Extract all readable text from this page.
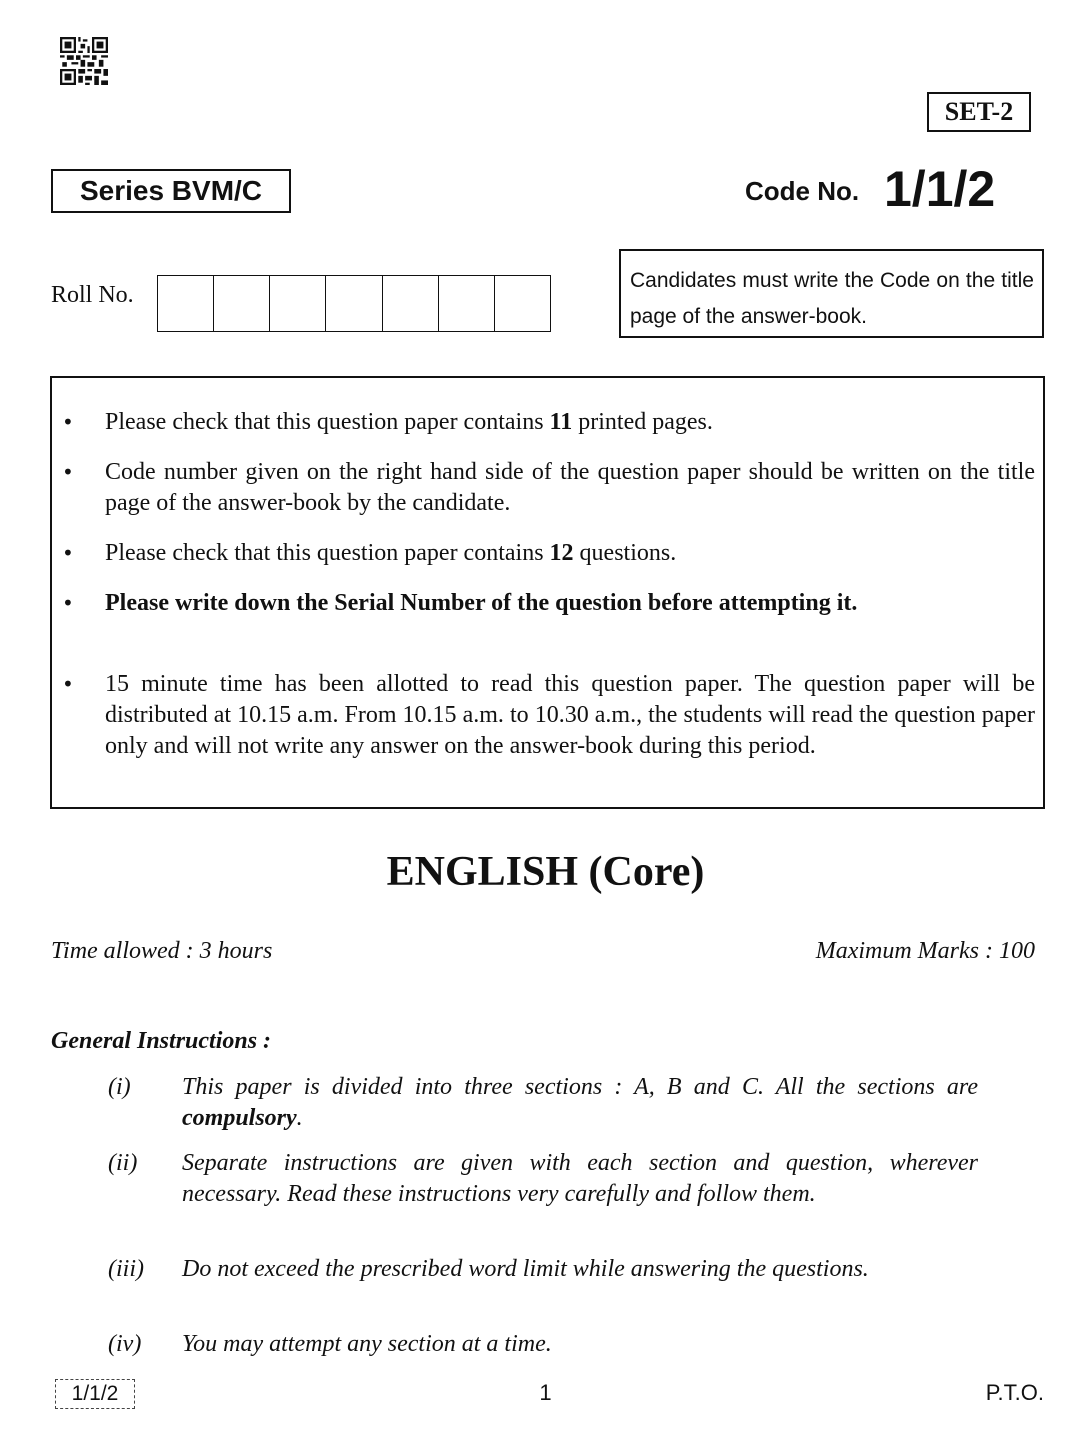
SET-2
Series BVM/C	Code No. 1/1/2
Roll No.
Candidates must write the Code on the title page of the answer-book.
• Please check that this question paper contains 11 printed pages.
• Code number given on the right hand side of the question paper should be written on the title page of the answer-book by the candidate.
• Please check that this question paper contains 12 questions.
• Please write down the Serial Number of the question before attempting it.
• 15 minute time has been allotted to read this question paper. The question paper will be distributed at 10.15 a.m. From 10.15 a.m. to 10.30 a.m., the students will read the question paper only and will not write any answer on the answer-book during this period.
ENGLISH (Core)
Time allowed : 3 hours	Maximum Marks : 100
General Instructions :
(i) This paper is divided into three sections : A, B and C. All the sections are compulsory.
(ii) Separate instructions are given with each section and question, wherever necessary. Read these instructions very carefully and follow them.
(iii) Do not exceed the prescribed word limit while answering the questions.
(iv) You may attempt any section at a time.
1/1/2	1	P.T.O.
